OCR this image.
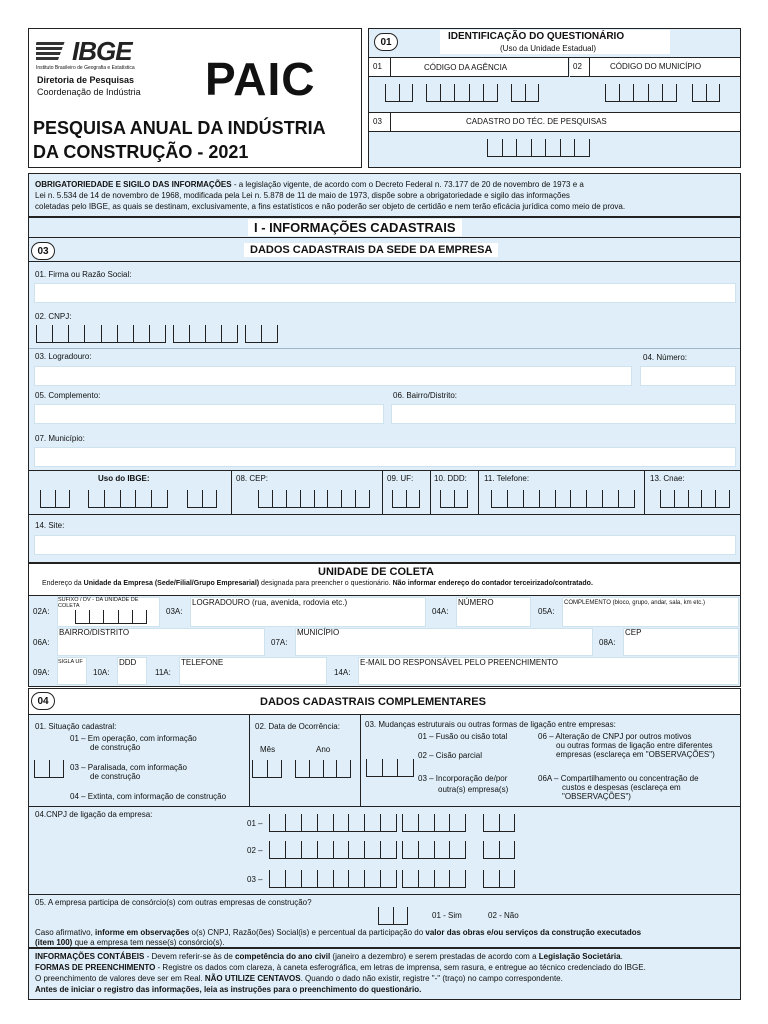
IBGE
Instituto Brasileiro de Geografia e Estatística
Diretoria de Pesquisas
Coordenação de Indústria PAIC
PESQUISA ANUAL DA INDÚSTRIA
DA CONSTRUÇÃO - 2021
01	IDENTIFICAÇÃO DO QUESTIONÁRIO
(Uso da Unidade Estadual)
01	CÓDIGO DA AGÊNCIA	02	CÓDIGO DO MUNICÍPIO
03	CADASTRO DO TÉC. DE PESQUISAS
OBRIGATORIEDADE E SIGILO DAS INFORMAÇÕES - a legislação vigente, de acordo com o Decreto Federal n. 73.177 de 20 de novembro de 1973 e a
Lei n. 5.534 de 14 de novembro de 1968, modificada pela Lei n. 5.878 de 11 de maio de 1973, dispõe sobre a obrigatoriedade e sigilo das informações
coletadas pelo IBGE, as quais se destinam, exclusivamente, a fins estatísticos e não poderão ser objeto de certidão e nem terão eficácia jurídica como meio de prova.
I - INFORMAÇÕES CADASTRAIS
03	DADOS CADASTRAIS DA SEDE DA EMPRESA
01. Firma ou Razão Social:
02. CNPJ:
03. Logradouro:	04. Número:
05. Complemento:	06. Bairro/Distrito:
07. Município:
Uso do IBGE:	08. CEP:	09. UF:	10. DDD: 11. Telefone:	13. Cnae:
14. Site:
UNIDADE DE COLETA
Endereço da Unidade da Empresa (Sede/Filial/Grupo Empresarial) designada para preencher o questionário. Não informar endereço do contador terceirizado/contratado.
02A:
SUFIXO / DV - DA UNIDADE DE COLETA
03A:
LOGRADOURO (rua, avenida, rodovia etc.)
04A:
NÚMERO
05A:
COMPLEMENTO (bloco, grupo, andar, sala, km etc.)
06A:
BAIRRO/DISTRITO
07A:
MUNICÍPIO
08A:
CEP
09A:
SIGLA UF
10A:
DDD
11A:
TELEFONE
14A:
E-MAIL DO RESPONSÁVEL PELO PREENCHIMENTO
04	DADOS CADASTRAIS COMPLEMENTARES
01. Situação cadastral:
01 – Em operação, com informação
de construção
03 – Paralisada, com informação
de construção
04 – Extinta, com informação de construção
02. Data de Ocorrência:
Mês	Ano
03. Mudanças estruturais ou outras formas de ligação entre empresas:
01 – Fusão ou cisão total
02 – Cisão parcial
03 – Incorporação de/por
outra(s) empresa(s)
06 – Alteração de CNPJ por outros motivos
ou outras formas de ligação entre diferentes
empresas (esclareça em "OBSERVAÇÕES")
06A – Compartilhamento ou concentração de
custos e despesas (esclareça em
"OBSERVAÇÕES")
04.CNPJ de ligação da empresa:
01 –
02 –
03 –
05. A empresa participa de consórcio(s) com outras empresas de construção?
01 - Sim	02 - Não
Caso afirmativo, informe em observações o(s) CNPJ, Razão(ões) Social(is) e percentual da participação do valor das obras e/ou serviços da construção executados
(item 100) que a empresa tem nesse(s) consórcio(s).
INFORMAÇÕES CONTÁBEIS - Devem referir-se às de competência do ano civil (janeiro a dezembro) e serem prestadas de acordo com a Legislação Societária.
FORMAS DE PREENCHIMENTO - Registre os dados com clareza, à caneta esferográfica, em letras de imprensa, sem rasura, e entregue ao técnico credenciado do IBGE.
O preenchimento de valores deve ser em Real. NÃO UTILIZE CENTAVOS. Quando o dado não existir, registre "-" (traço) no campo correspondente.
Antes de iniciar o registro das informações, leia as instruções para o preenchimento do questionário.
